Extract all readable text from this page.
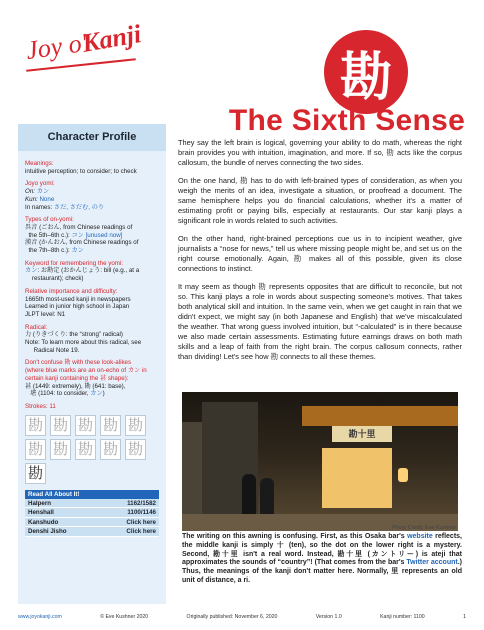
Joy o'
Kanji
勘
The Sixth Sense
Character Profile

Meanings:

intuitive perception; to consider; to check

Joyo yomi:

On: カン

Kun: None

In names: さだ, さだむ, のり

Types of on-yomi:

呉音 (ごおん, from Chinese readings of

the 5th–6th c.): コン [unused now]

漢音 (かんおん, from Chinese readings of

the 7th–8th c.): カン

Keyword for remembering the yomi:

カン: お勘定 (おかんじょう: bill (e.g., at a

restaurant); check)

Relative importance and difficulty:

1665th most-used kanji in newspapers

Learned in junior high school in Japan

JLPT level: N1

Radical:

力 (りきづくり: the “strong” radical)

Note: To learn more about this radical, see

Radical Note 19.

Don't confuse 勘 with these look-alikes

(where blue marks are an on-echo of カン in

certain kanji containing the 甚 shape):

甚 (1449: extremely), 勘 (641: base),

堪 (1104: to consider, カン)

Strokes: 11

勘 勘 勘 勘 勘
勘 勘 勘 勘 勘
勘
Read All About It!
Halpern	1162/1582
Henshall	1100/1146
Kanshudo	Click here
Denshi Jisho	Click here

They say the left brain is logical, governing your ability to do math, whereas the right brain provides you with intuition, imagination, and more. If so, 勘 acts like the corpus callosum, the bundle of nerves connecting the two sides.

On the one hand, 勘 has to do with left-brained types of consideration, as when you weigh the merits of an idea, investigate a situation, or proofread a document. The same hemisphere helps you do financial calculations, whether it's a matter of estimating profit or paying bills, especially at restaurants. Our star kanji plays a significant role in words related to such activities.

On the other hand, right-brained perceptions cue us in to incipient weather, give journalists a “nose for news,” tell us where missing people might be, and set us on the right course emotionally. Again, 勘 makes all of this possible, given its close connections to instinct.

It may seem as though 勘 represents opposites that are difficult to reconcile, but not so. This kanji plays a role in words about suspecting someone's motives. That takes both analytical skill and intuition. In the same vein, when we get caught in rain that we didn't expect, we might say (in both Japanese and English) that we've miscalculated the weather. That wrong guess involved intuition, but “-calculated” is in there because we also made certain assessments. Estimating future earnings draws on both math skills and a leap of faith from the right brain. The corpus callosum connects, rather than dividing! Let's see how 勘 connects to all these themes.

勘十里
Photo Credit: Eve Kushner

The writing on this awning is confusing. First, as this Osaka bar's website reflects, the middle kanji is simply 十 (ten), so the dot on the lower right is a mystery. Second, 勘十里 isn't a real word. Instead, 勘十里 (カントリー) is ateji that approximates the sounds of “country”! (That comes from the bar's Twitter account.) Thus, the meanings of the kanji don't matter here. Normally, 里 represents an old unit of distance, a ri.

www.joyokanji.com	© Eve Kushner 2020	Originally published: November 6, 2020	Version 1.0	Kanji number: 1100	1
